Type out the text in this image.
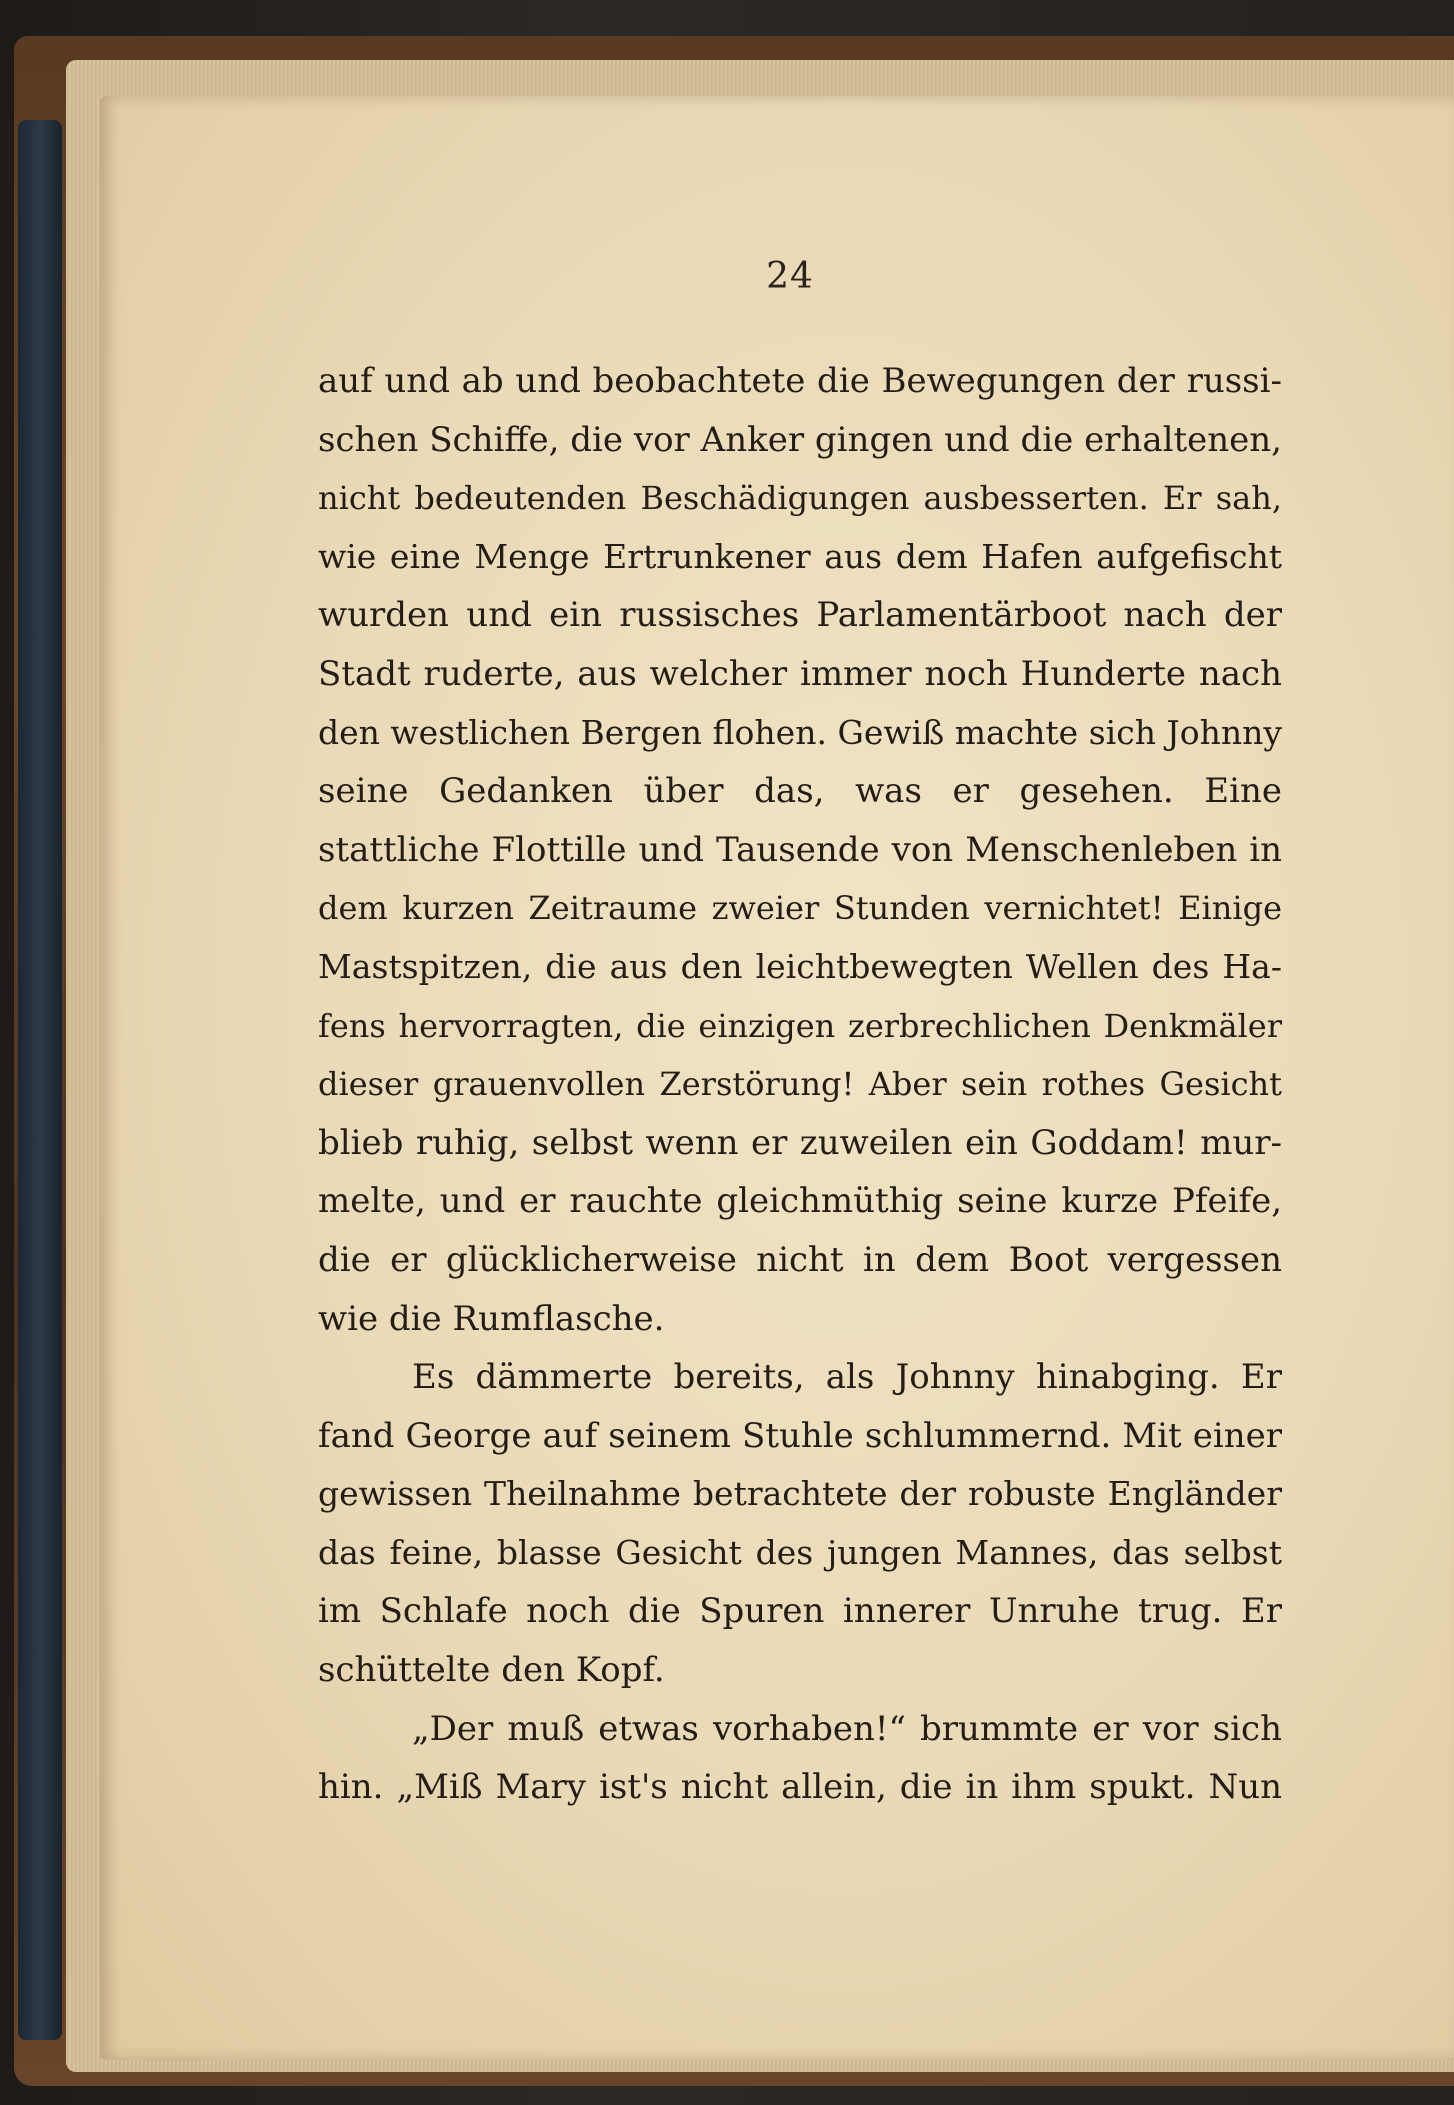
24
auf und ab und beobachtete die Bewegungen der russi-
schen Schiffe, die vor Anker gingen und die erhaltenen,
nicht bedeutenden Beschädigungen ausbesserten. Er sah,
wie eine Menge Ertrunkener aus dem Hafen aufgefischt
wurden und ein russisches Parlamentärboot nach der
Stadt ruderte, aus welcher immer noch Hunderte nach
den westlichen Bergen flohen. Gewiß machte sich Johnny
seine Gedanken über das, was er gesehen. Eine
stattliche Flottille und Tausende von Menschenleben in
dem kurzen Zeitraume zweier Stunden vernichtet! Einige
Mastspitzen, die aus den leichtbewegten Wellen des Ha-
fens hervorragten, die einzigen zerbrechlichen Denkmäler
dieser grauenvollen Zerstörung! Aber sein rothes Gesicht
blieb ruhig, selbst wenn er zuweilen ein Goddam! mur-
melte, und er rauchte gleichmüthig seine kurze Pfeife,
die er glücklicherweise nicht in dem Boot vergessen
wie die Rumflasche.
Es dämmerte bereits, als Johnny hinabging. Er
fand George auf seinem Stuhle schlummernd. Mit einer
gewissen Theilnahme betrachtete der robuste Engländer
das feine, blasse Gesicht des jungen Mannes, das selbst
im Schlafe noch die Spuren innerer Unruhe trug. Er
schüttelte den Kopf.
„Der muß etwas vorhaben!“ brummte er vor sich
hin. „Miß Mary ist's nicht allein, die in ihm spukt. Nun
